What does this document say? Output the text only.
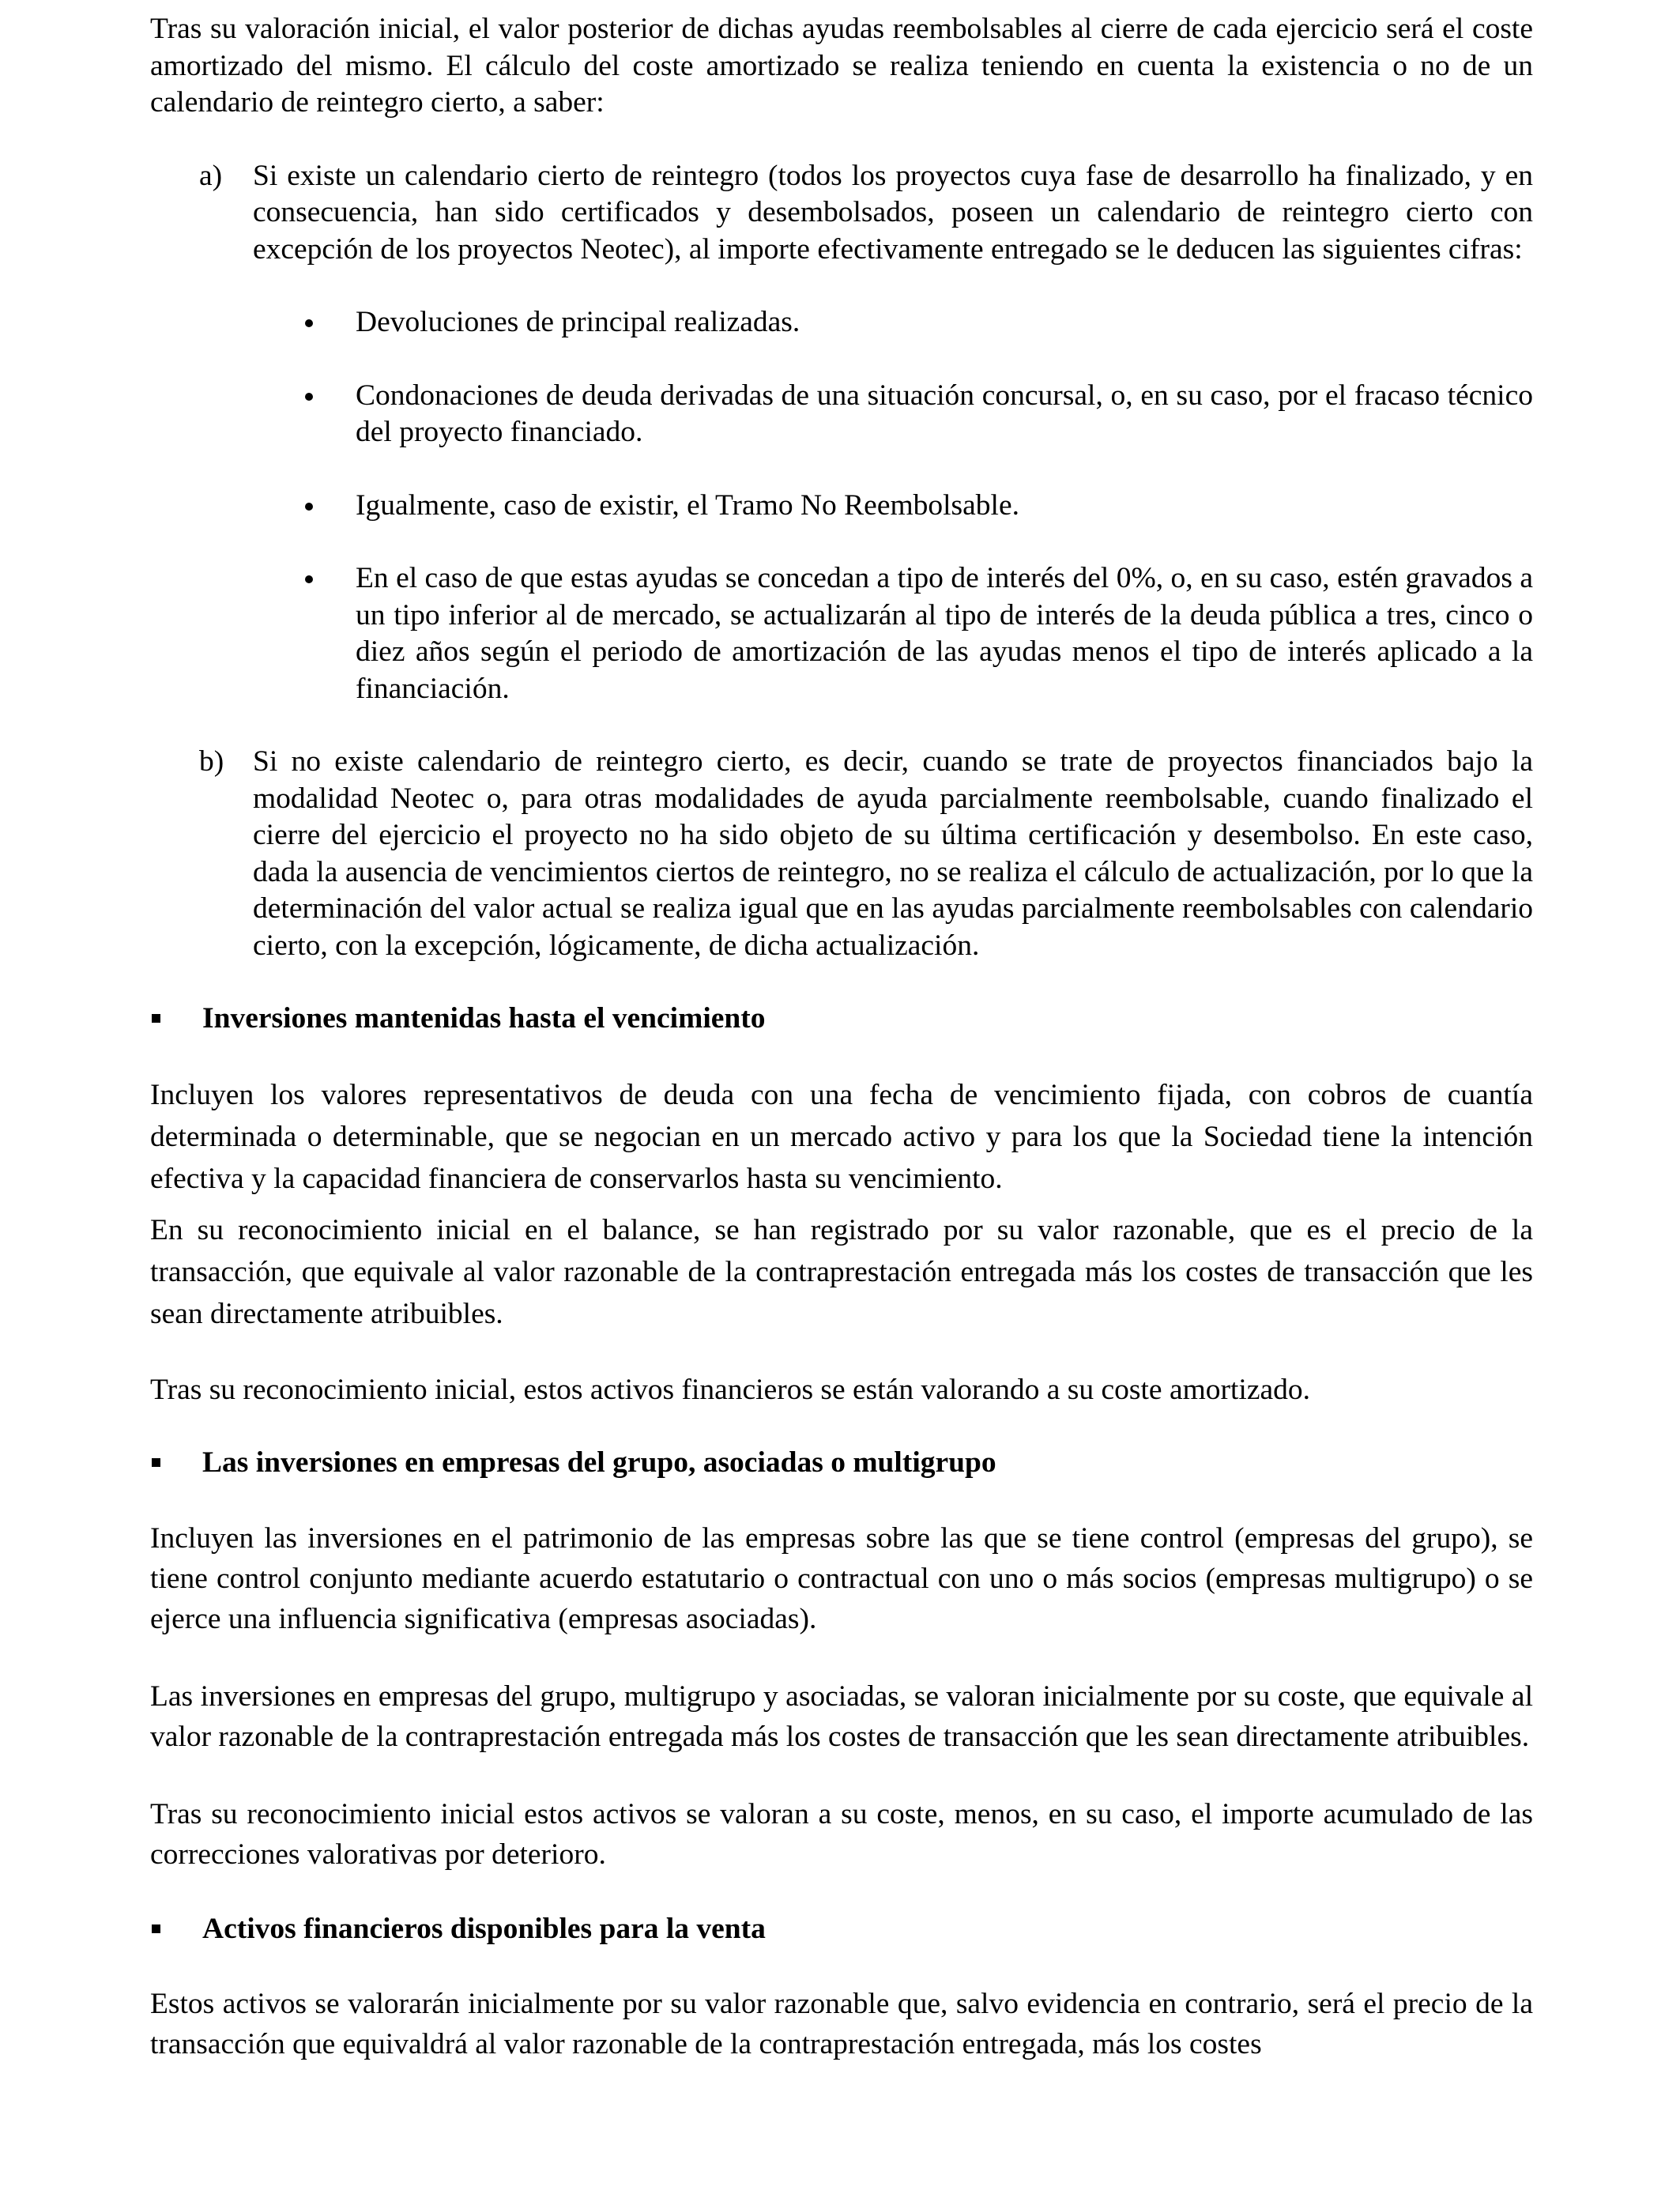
Tras su valoración inicial, el valor posterior de dichas ayudas reembolsables al cierre de cada ejercicio será el coste amortizado del mismo. El cálculo del coste amortizado se realiza teniendo en cuenta la existencia o no de un calendario de reintegro cierto, a saber:

a) Si existe un calendario cierto de reintegro (todos los proyectos cuya fase de desarrollo ha finalizado, y en consecuencia, han sido certificados y desembolsados, poseen un calendario de reintegro cierto con excepción de los proyectos Neotec), al importe efectivamente entregado se le deducen las siguientes cifras:
Devoluciones de principal realizadas.
Condonaciones de deuda derivadas de una situación concursal, o, en su caso, por el fracaso técnico del proyecto financiado.
Igualmente, caso de existir, el Tramo No Reembolsable.
En el caso de que estas ayudas se concedan a tipo de interés del 0%, o, en su caso, estén gravados a un tipo inferior al de mercado, se actualizarán al tipo de interés de la deuda pública a tres, cinco o diez años según el periodo de amortización de las ayudas menos el tipo de interés aplicado a la financiación.
b) Si no existe calendario de reintegro cierto, es decir, cuando se trate de proyectos financiados bajo la modalidad Neotec o, para otras modalidades de ayuda parcialmente reembolsable, cuando finalizado el cierre del ejercicio el proyecto no ha sido objeto de su última certificación y desembolso. En este caso, dada la ausencia de vencimientos ciertos de reintegro, no se realiza el cálculo de actualización, por lo que la determinación del valor actual se realiza igual que en las ayudas parcialmente reembolsables con calendario cierto, con la excepción, lógicamente, de dicha actualización.

Inversiones mantenidas hasta el vencimiento

Incluyen los valores representativos de deuda con una fecha de vencimiento fijada, con cobros de cuantía determinada o determinable, que se negocian en un mercado activo y para los que la Sociedad tiene la intención efectiva y la capacidad financiera de conservarlos hasta su vencimiento.

En su reconocimiento inicial en el balance, se han registrado por su valor razonable, que es el precio de la transacción, que equivale al valor razonable de la contraprestación entregada más los costes de transacción que les sean directamente atribuibles.

Tras su reconocimiento inicial, estos activos financieros se están valorando a su coste amortizado.

Las inversiones en empresas del grupo, asociadas o multigrupo

Incluyen las inversiones en el patrimonio de las empresas sobre las que se tiene control (empresas del grupo), se tiene control conjunto mediante acuerdo estatutario o contractual con uno o más socios (empresas multigrupo) o se ejerce una influencia significativa (empresas asociadas).

Las inversiones en empresas del grupo, multigrupo y asociadas, se valoran inicialmente por su coste, que equivale al valor razonable de la contraprestación entregada más los costes de transacción que les sean directamente atribuibles.

Tras su reconocimiento inicial estos activos se valoran a su coste, menos, en su caso, el importe acumulado de las correcciones valorativas por deterioro.

Activos financieros disponibles para la venta

Estos activos se valorarán inicialmente por su valor razonable que, salvo evidencia en contrario, será el precio de la transacción que equivaldrá al valor razonable de la contraprestación entregada, más los costes
